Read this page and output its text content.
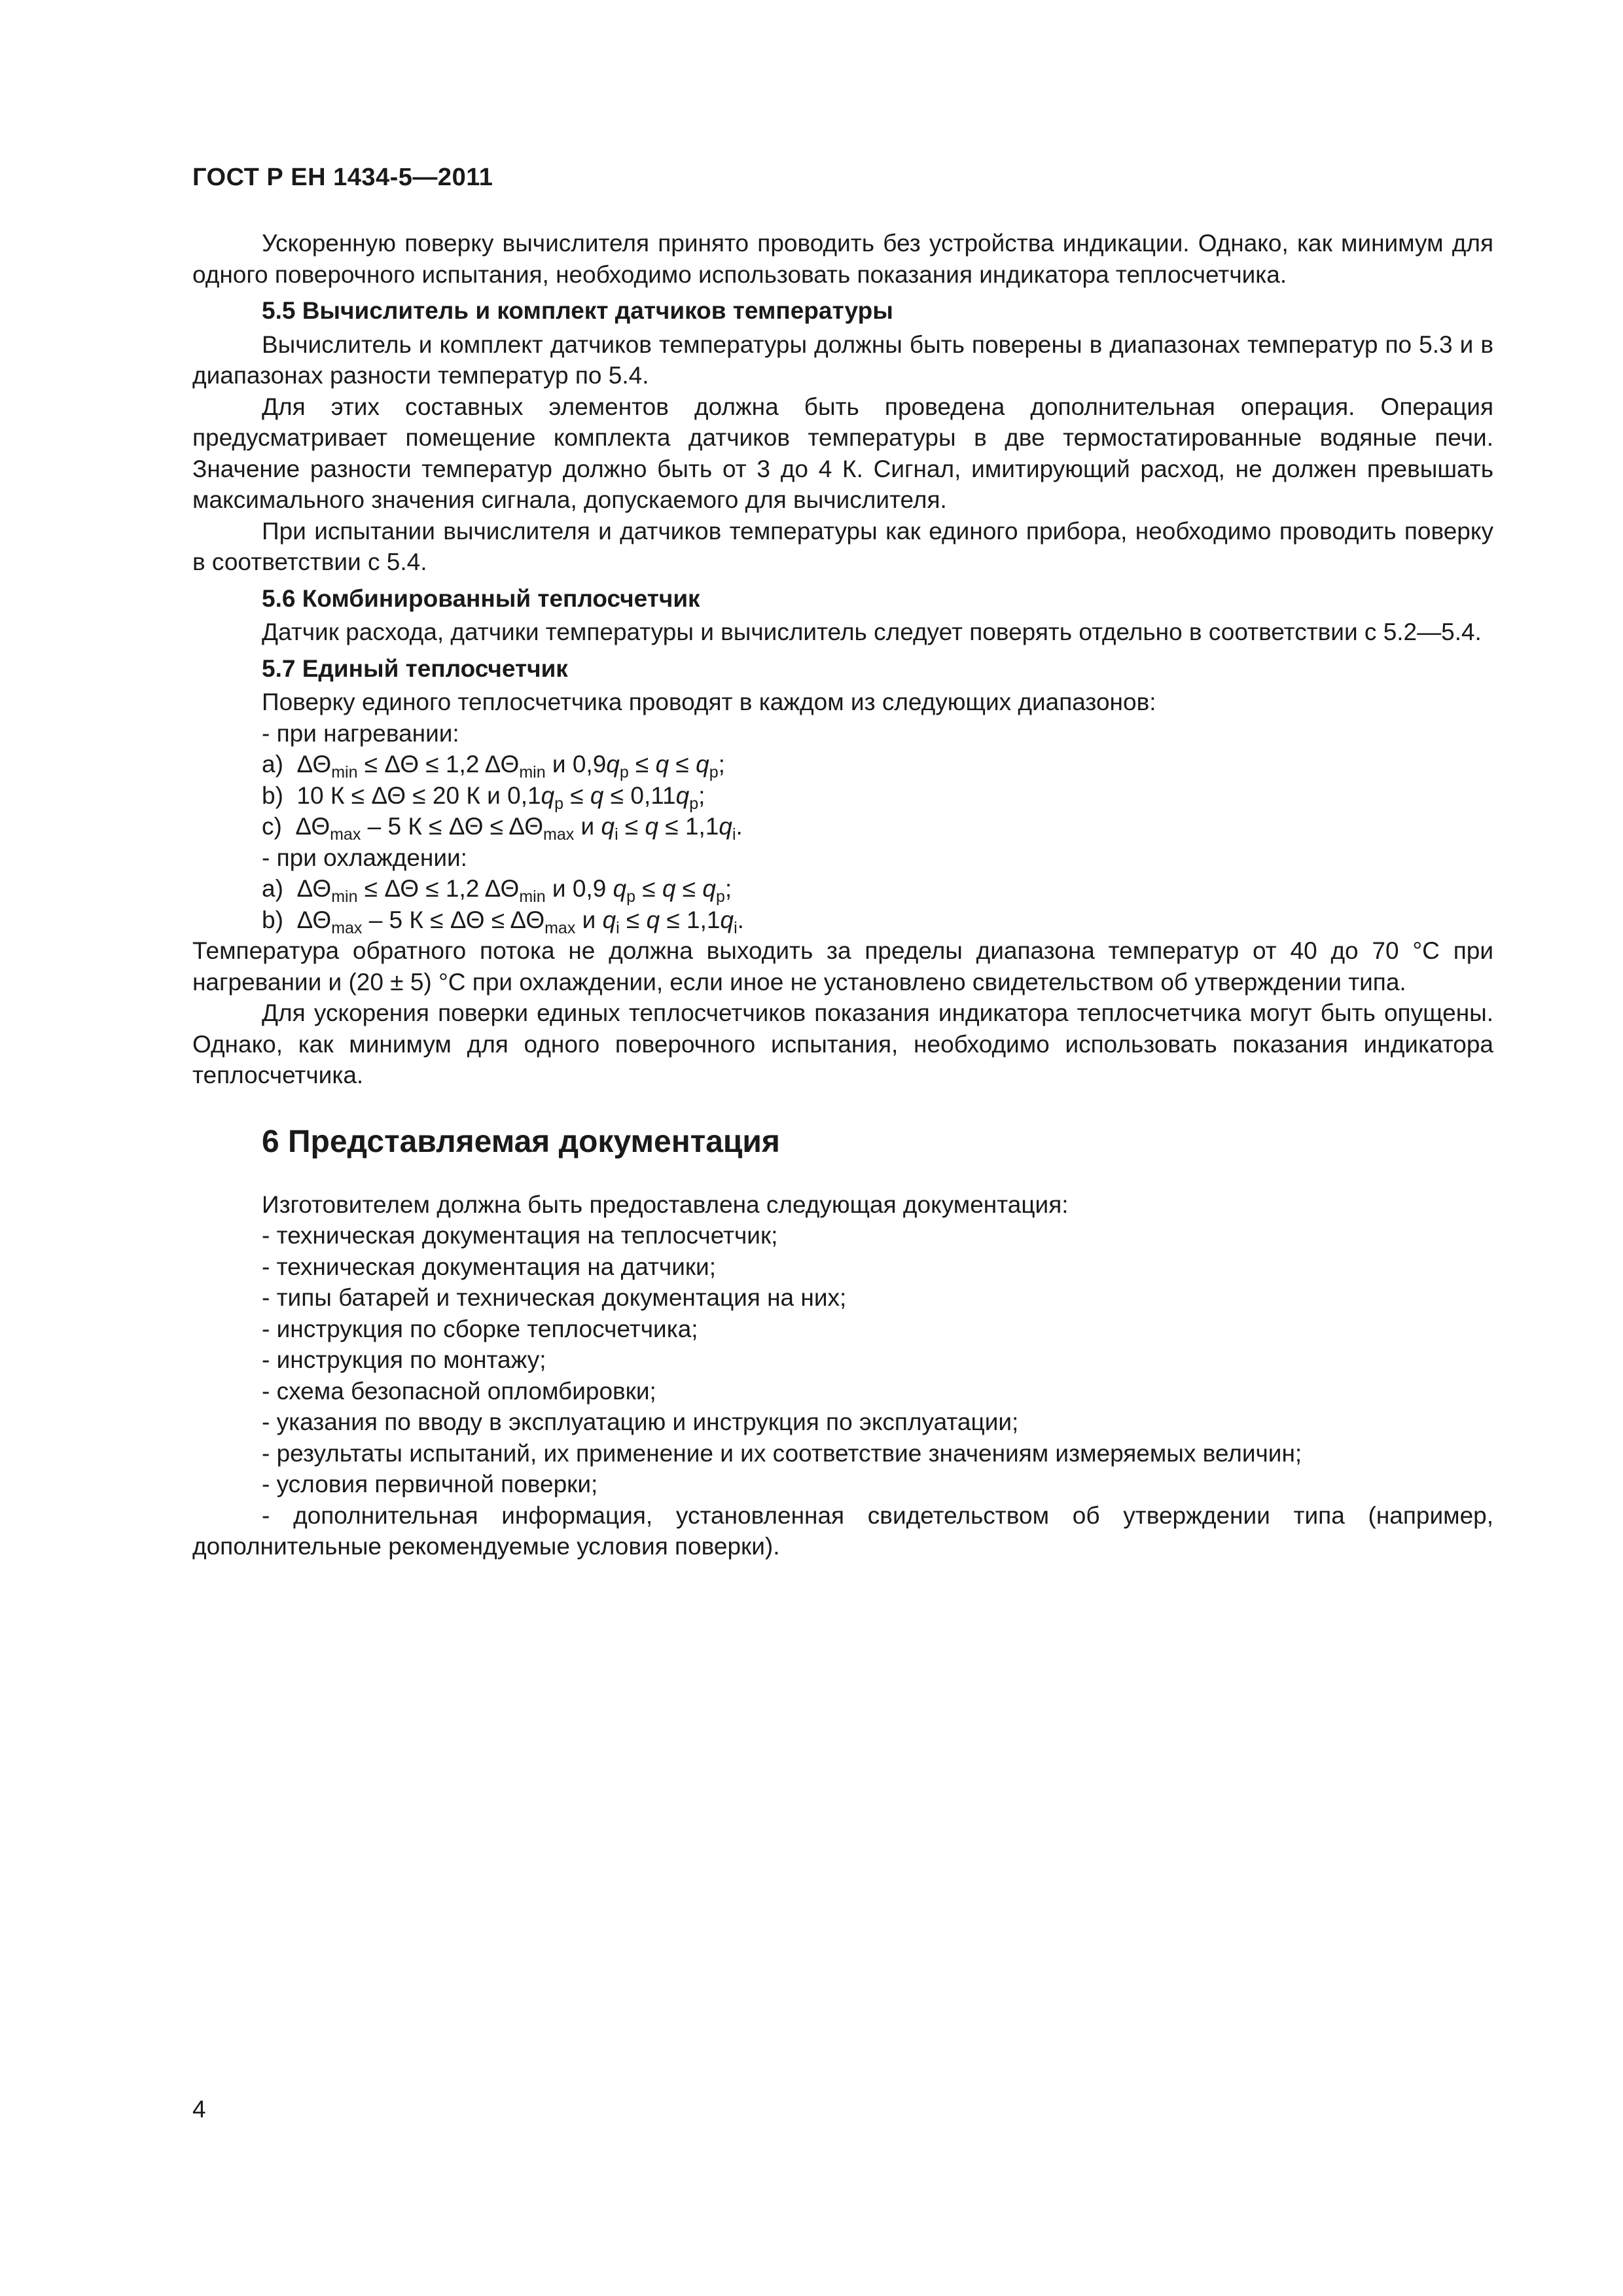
ГОСТ Р ЕН 1434-5—2011

Ускоренную поверку вычислителя принято проводить без устройства индикации. Однако, как минимум для одного поверочного испытания, необходимо использовать показания индикатора теплосчетчика.

5.5 Вычислитель и комплект датчиков температуры

Вычислитель и комплект датчиков температуры должны быть поверены в диапазонах температур по 5.3 и в диапазонах разности температур по 5.4.

Для этих составных элементов должна быть проведена дополнительная операция. Операция предусматривает помещение комплекта датчиков температуры в две термостатированные водяные печи. Значение разности температур должно быть от 3 до 4 К. Сигнал, имитирующий расход, не должен превышать максимального значения сигнала, допускаемого для вычислителя.

При испытании вычислителя и датчиков температуры как единого прибора, необходимо проводить поверку в соответствии с 5.4.

5.6 Комбинированный теплосчетчик

Датчик расхода, датчики температуры и вычислитель следует поверять отдельно в соответствии с 5.2—5.4.

5.7 Единый теплосчетчик

Поверку единого теплосчетчика проводят в каждом из следующих диапазонов:

- при нагревании:

а)  $\Delta\Theta_{min} \le \Delta\Theta \le 1,2$ $\Delta\Theta_{min}$ и $0,9q_p \le q \le q_p$;

b)  10 К ≤ ΔΘ ≤ 20 К и $0,1q_p \le q \le 0,11q_p$;

c)  $\Delta\Theta_{max} - 5$ $К \le \Delta\Theta \le \Delta\Theta_{max}$ и $q_i \le q \le 1,1q_i$.

- при охлаждении:

а)  $\Delta\Theta_{min} \le \Delta\Theta \le 1,2$ $\Delta\Theta_{min}$ и 0,9 $q_p \le q \le q_p$;

b)  $\Delta\Theta_{max} - 5$ $К \le \Delta\Theta \le \Delta\Theta_{max}$ и $q_i \le q \le 1,1q_i$.

Температура обратного потока не должна выходить за пределы диапазона температур от 40 до 70 °С при нагревании и (20 ± 5) °С при охлаждении, если иное не установлено свидетельством об утверждении типа.

Для ускорения поверки единых теплосчетчиков показания индикатора теплосчетчика могут быть опущены. Однако, как минимум для одного поверочного испытания, необходимо использовать показания индикатора теплосчетчика.

6 Представляемая документация

Изготовителем должна быть предоставлена следующая документация:

- техническая документация на теплосчетчик;

- техническая документация на датчики;

- типы батарей и техническая документация на них;

- инструкция по сборке теплосчетчика;

- инструкция по монтажу;

- схема безопасной опломбировки;

- указания по вводу в эксплуатацию и инструкция по эксплуатации;

- результаты испытаний, их применение и их соответствие значениям измеряемых величин;

- условия первичной поверки;

- дополнительная информация, установленная свидетельством об утверждении типа (например, дополнительные рекомендуемые условия поверки).

4
